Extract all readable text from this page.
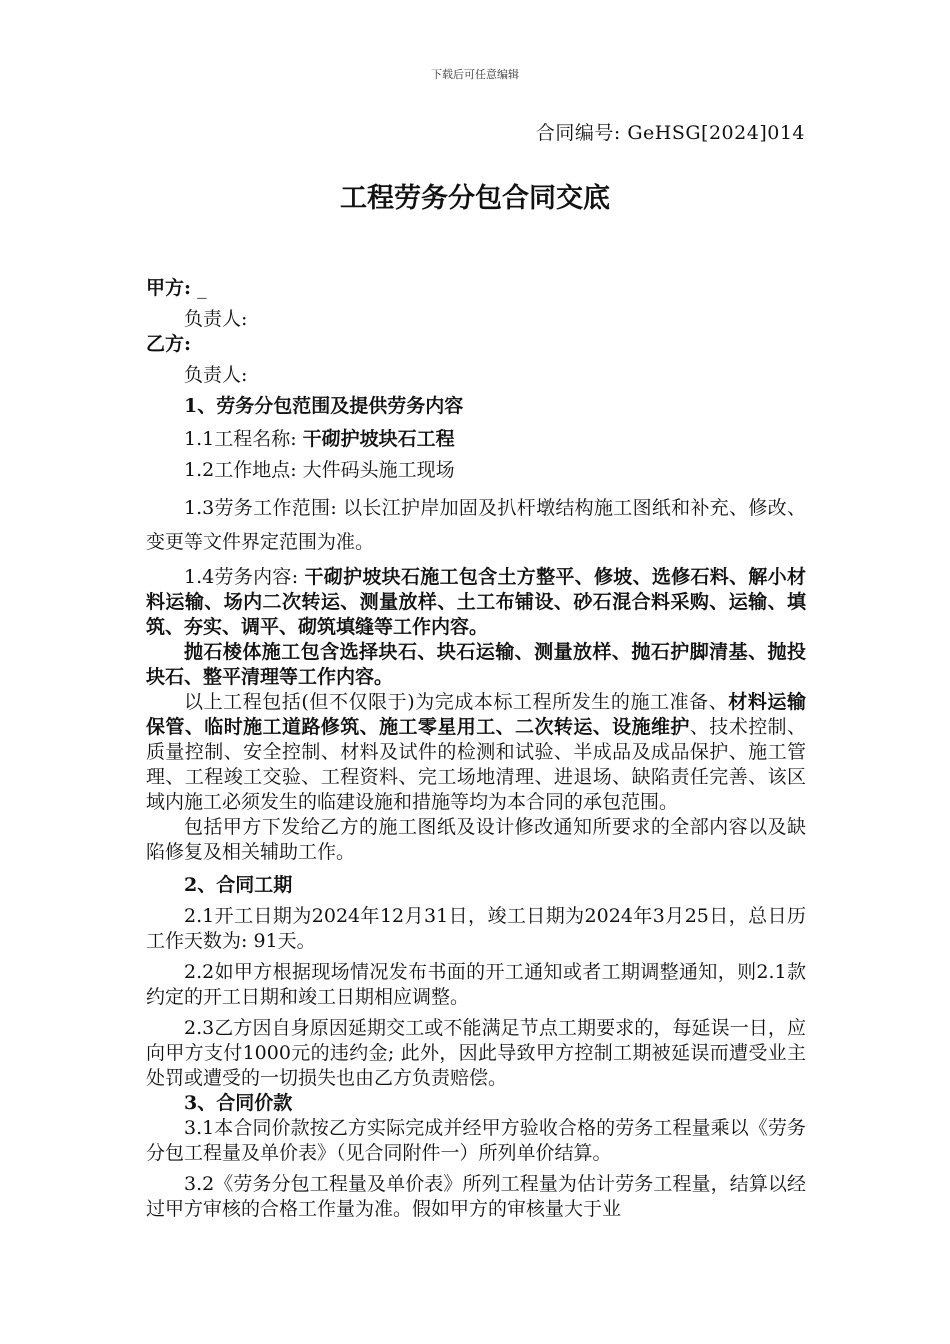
下载后可任意编辑
合同编号: GeHSG[2024]014
工程劳务分包合同交底

甲方: _

负责人:

乙方:

负责人:

1、劳务分包范围及提供劳务内容

1.1工程名称: 干砌护坡块石工程

1.2工作地点: 大件码头施工现场

1.3劳务工作范围: 以长江护岸加固及扒杆墩结构施工图纸和补充、修改、变更等文件界定范围为准。

1.4劳务内容: 干砌护坡块石施工包含土方整平、修坡、选修石料、解小材料运输、场内二次转运、测量放样、土工布铺设、砂石混合料采购、运输、填筑、夯实、调平、砌筑填缝等工作内容。

抛石棱体施工包含选择块石、块石运输、测量放样、抛石护脚清基、抛投块石、整平清理等工作内容。

以上工程包括(但不仅限于)为完成本标工程所发生的施工准备、材料运输保管、临时施工道路修筑、施工零星用工、二次转运、设施维护、技术控制、质量控制、安全控制、材料及试件的检测和试验、半成品及成品保护、施工管理、工程竣工交验、工程资料、完工场地清理、进退场、缺陷责任完善、该区域内施工必须发生的临建设施和措施等均为本合同的承包范围。

包括甲方下发给乙方的施工图纸及设计修改通知所要求的全部内容以及缺陷修复及相关辅助工作。

2、合同工期

2.1开工日期为2024年12月31日，竣工日期为2024年3月25日，总日历工作天数为: 91天。

2.2如甲方根据现场情况发布书面的开工通知或者工期调整通知，则2.1款约定的开工日期和竣工日期相应调整。

2.3乙方因自身原因延期交工或不能满足节点工期要求的，每延误一日，应向甲方支付1000元的违约金; 此外，因此导致甲方控制工期被延误而遭受业主处罚或遭受的一切损失也由乙方负责赔偿。

3、合同价款

3.1本合同价款按乙方实际完成并经甲方验收合格的劳务工程量乘以《劳务分包工程量及单价表》（见合同附件一）所列单价结算。

3.2《劳务分包工程量及单价表》所列工程量为估计劳务工程量，结算以经过甲方审核的合格工作量为准。假如甲方的审核量大于业
